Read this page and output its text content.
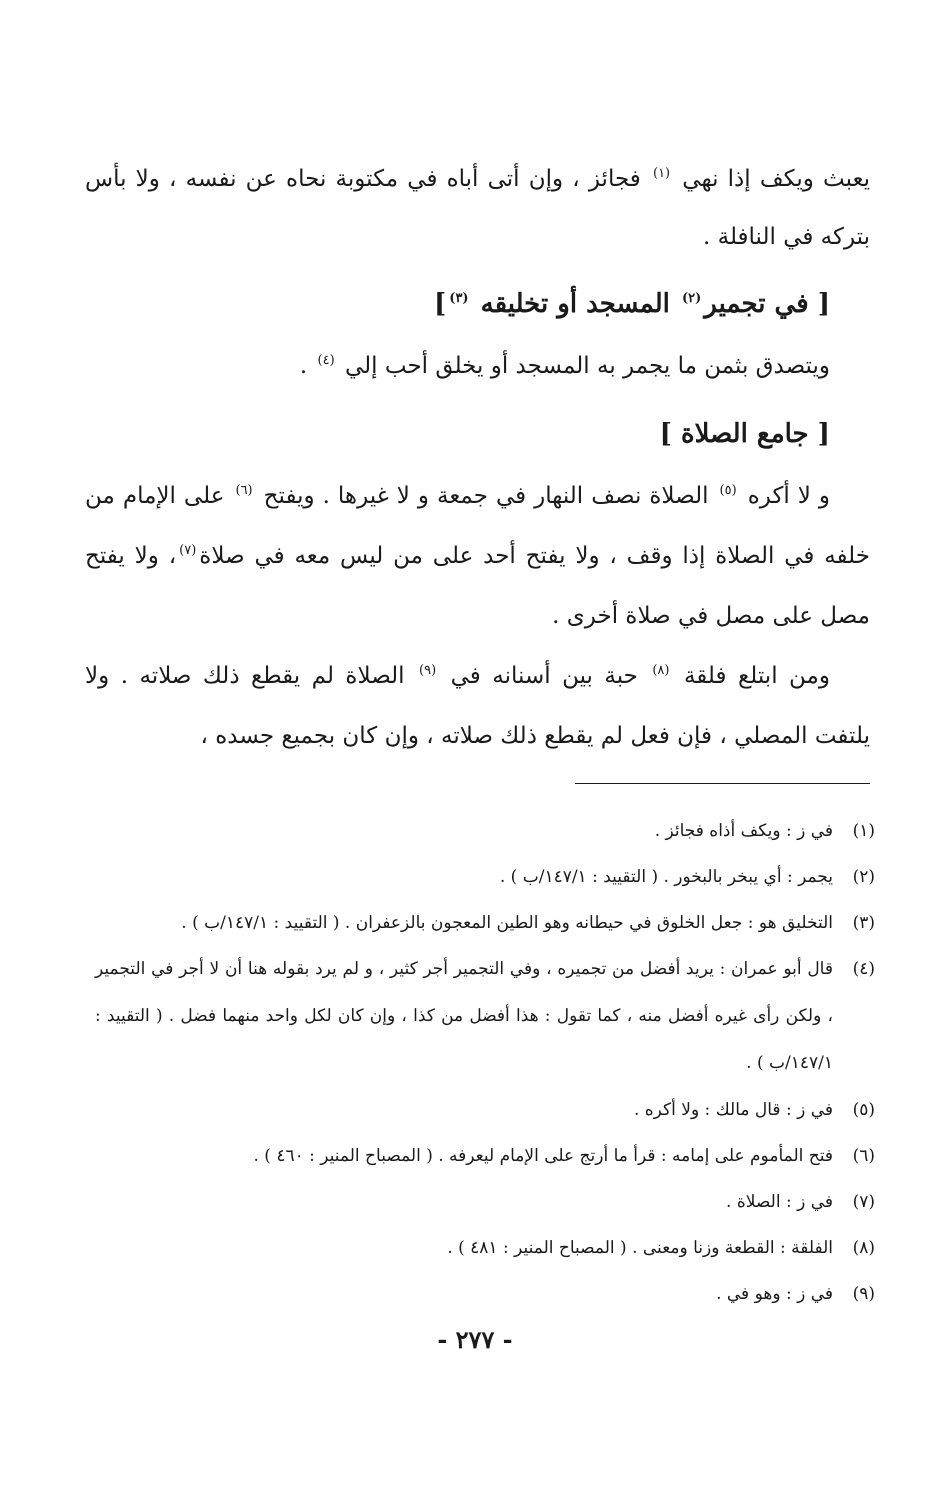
يعبث ويكف إذا نهي $^{(١)}$ فجائز ، وإن أتى أباه في مكتوبة نحاه عن نفسه ، ولا بأس بتركه في النافلة .

[ في تجمير$^{(٢)}$ المسجد أو تخليقه $^{(٣)}$]

ويتصدق بثمن ما يجمر به المسجد أو يخلق أحب إلي $^{(٤)}$ .

[ جامع الصلاة ]

و لا أكره $^{(٥)}$ الصلاة نصف النهار في جمعة و لا غيرها . ويفتح $^{(٦)}$ على الإمام من خلفه في الصلاة إذا وقف ، ولا يفتح أحد على من ليس معه في صلاة$^{(٧)}$، ولا يفتح مصل على مصل في صلاة أخرى .

ومن ابتلع فلقة $^{(٨)}$ حبة بين أسنانه في $^{(٩)}$ الصلاة لم يقطع ذلك صلاته . ولا يلتفت المصلي ، فإن فعل لم يقطع ذلك صلاته ، وإن كان بجميع جسده ،

(١)
في ز : ويكف أذاه فجائز .
(٢)
يجمر : أي يبخر بالبخور . ( التقييد : ١٤٧/١/ب ) .
(٣)
التخليق هو : جعل الخلوق في حيطانه وهو الطين المعجون بالزعفران . ( التقييد : ١٤٧/١/ب ) .
(٤)
قال أبو عمران : يريد أفضل من تجميره ، وفي التجمير أجر كثير ، و لم يرد بقوله هنا أن لا أجر في التجمير ، ولكن رأى غيره أفضل منه ، كما تقول : هذا أفضل من كذا ، وإن كان لكل واحد منهما فضل . ( التقييد : ١٤٧/١/ب ) .
(٥)
في ز : قال مالك : ولا أكره .
(٦)
فتح المأموم على إمامه : قرأ ما أرتج على الإمام ليعرفه . ( المصباح المنير : ٤٦٠ ) .
(٧)
في ز : الصلاة .
(٨)
الفلقة : القطعة وزنا ومعنى . ( المصباح المنير : ٤٨١ ) .
(٩)
في ز : وهو في .
- ٢٧٧ -
